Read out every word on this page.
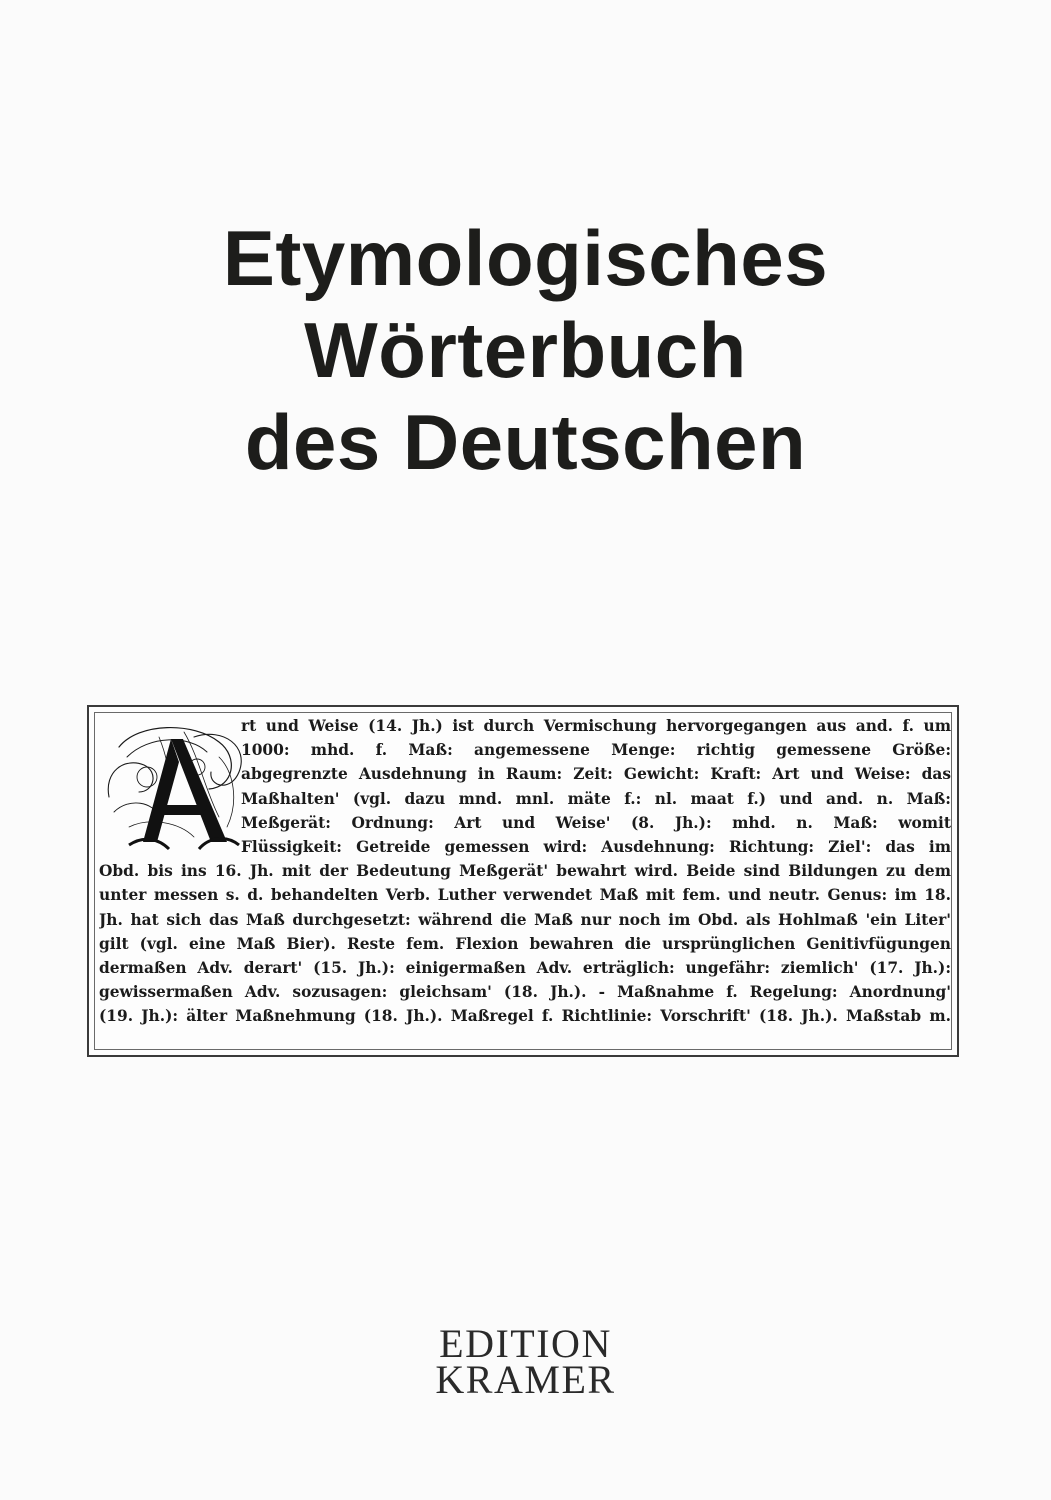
Etymologisches
Wörterbuch
des Deutschen
rt und Weise (14. Jh.) ist durch Vermischung hervorgegangen aus and. f. um
1000: mhd. f. Maß: angemessene Menge: richtig gemessene Größe:
abgegrenzte Ausdehnung in Raum: Zeit: Gewicht: Kraft: Art und Weise: das
Maßhalten' (vgl. dazu mnd. mnl. mäte f.: nl. maat f.) und and. n. Maß:
Meßgerät: Ordnung: Art und Weise' (8. Jh.): mhd. n. Maß: womit
Flüssigkeit: Getreide gemessen wird: Ausdehnung: Richtung: Ziel': das im
Obd. bis ins 16. Jh. mit der Bedeutung Meßgerät' bewahrt wird. Beide sind Bildungen zu dem
unter messen s. d. behandelten Verb. Luther verwendet Maß mit fem. und neutr. Genus: im 18.
Jh. hat sich das Maß durchgesetzt: während die Maß nur noch im Obd. als Hohlmaß 'ein Liter'
gilt (vgl. eine Maß Bier). Reste fem. Flexion bewahren die ursprünglichen Genitivfügungen
dermaßen Adv. derart' (15. Jh.): einigermaßen Adv. erträglich: ungefähr: ziemlich' (17. Jh.):
gewissermaßen Adv. sozusagen: gleichsam' (18. Jh.). - Maßnahme f. Regelung: Anordnung'
(19. Jh.): älter Maßnehmung (18. Jh.). Maßregel f. Richtlinie: Vorschrift' (18. Jh.). Maßstab m.
EDITION
KRAMER
